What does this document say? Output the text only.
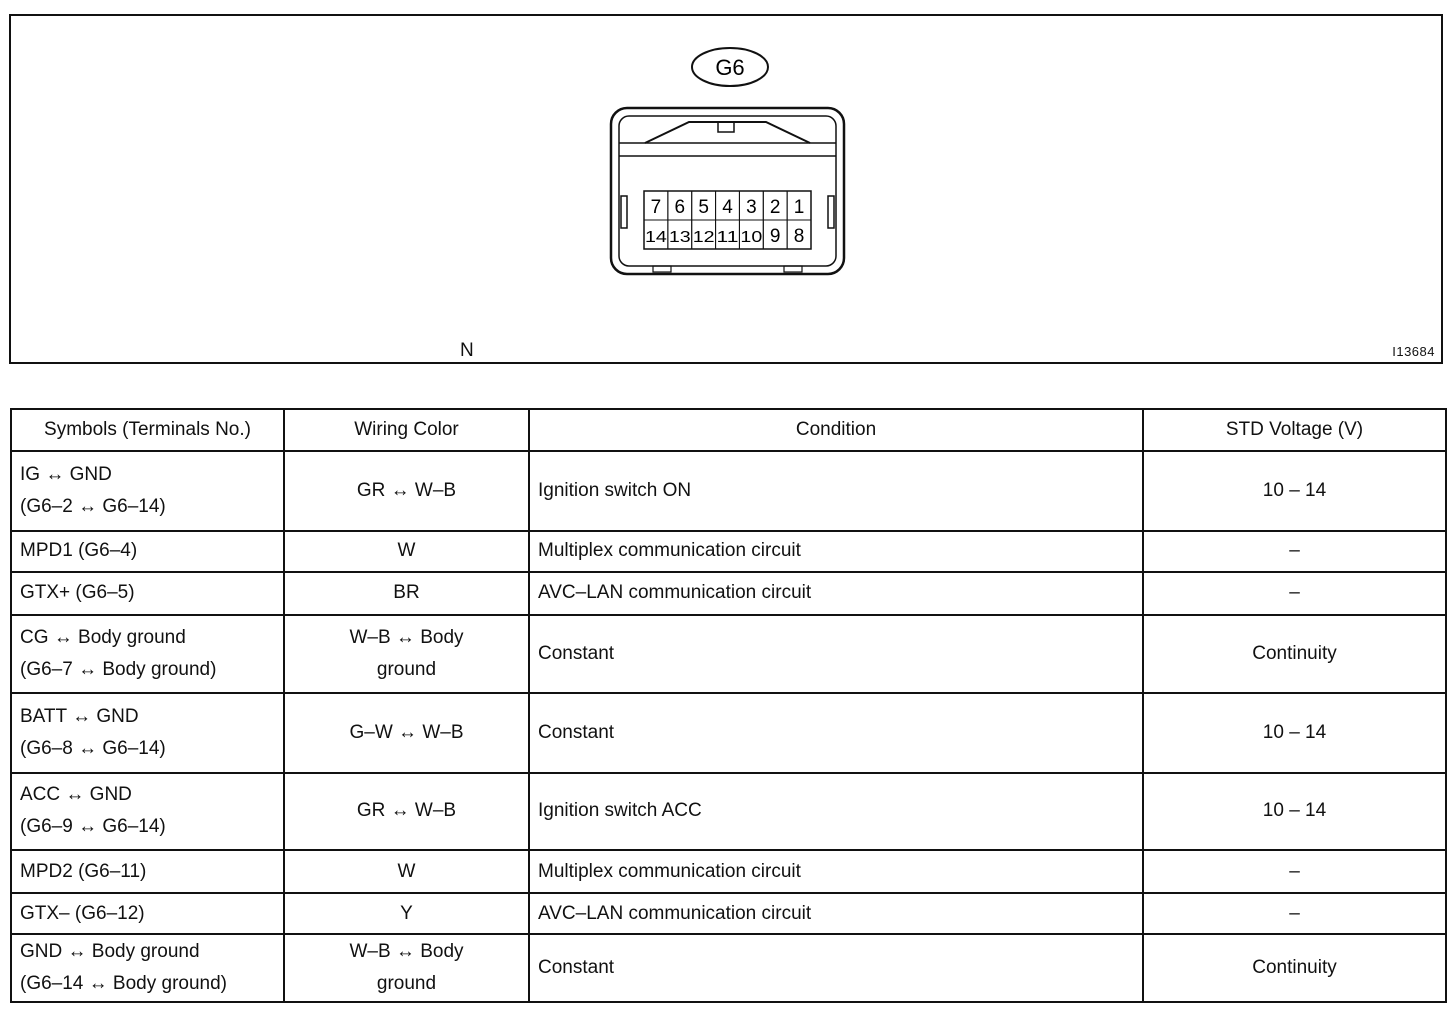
G6
7 6 5 4 3 2 1
14 13 12 11 10 9 8
N	I13684
Symbols (Terminals No.)	Wiring Color	Condition	STD Voltage (V)

IG ↔ GND
(G6–2 ↔ G6–14)	GR ↔ W–B	Ignition switch ON	10 – 14

MPD1 (G6–4)	W	Multiplex communication circuit	–

GTX+ (G6–5)	BR	AVC–LAN communication circuit	–

CG ↔ Body ground
(G6–7 ↔ Body ground)	W–B ↔ Body
ground	Constant	Continuity

BATT ↔ GND
(G6–8 ↔ G6–14)	G–W ↔ W–B	Constant	10 – 14

ACC ↔ GND
(G6–9 ↔ G6–14)	GR ↔ W–B	Ignition switch ACC	10 – 14

MPD2 (G6–11)	W	Multiplex communication circuit	–

GTX– (G6–12)	Y	AVC–LAN communication circuit	–

GND ↔ Body ground
(G6–14 ↔ Body ground)	W–B ↔ Body
ground	Constant	Continuity
